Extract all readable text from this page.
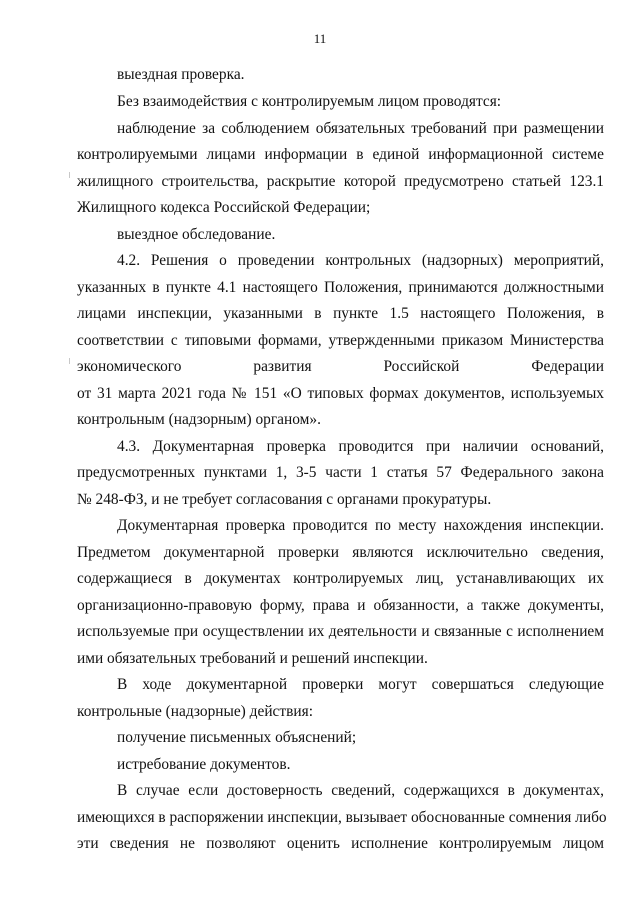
11
выездная проверка.
Без взаимодействия с контролируемым лицом проводятся:
наблюдение за соблюдением обязательных требований при размещении
контролируемыми лицами информации в единой информационной системе
жилищного строительства, раскрытие которой предусмотрено статьей 123.1
Жилищного кодекса Российской Федерации;
выездное обследование.
4.2. Решения о проведении контрольных (надзорных) мероприятий,
указанных в пункте 4.1 настоящего Положения, принимаются должностными
лицами инспекции, указанными в пункте 1.5 настоящего Положения, в
соответствии с типовыми формами, утвержденными приказом Министерства
экономического развития Российской Федерации
от 31 марта 2021 года № 151 «О типовых формах документов, используемых
контрольным (надзорным) органом».
4.3. Документарная проверка проводится при наличии оснований,
предусмотренных пунктами 1, 3-5 части 1 статья 57 Федерального закона
№ 248-ФЗ, и не требует согласования с органами прокуратуры.
Документарная проверка проводится по месту нахождения инспекции.
Предметом документарной проверки являются исключительно сведения,
содержащиеся в документах контролируемых лиц, устанавливающих их
организационно-правовую форму, права и обязанности, а также документы,
используемые при осуществлении их деятельности и связанные с исполнением
ими обязательных требований и решений инспекции.
В ходе документарной проверки могут совершаться следующие
контрольные (надзорные) действия:
получение письменных объяснений;
истребование документов.
В случае если достоверность сведений, содержащихся в документах,
имеющихся в распоряжении инспекции, вызывает обоснованные сомнения либо
эти сведения не позволяют оценить исполнение контролируемым лицом
